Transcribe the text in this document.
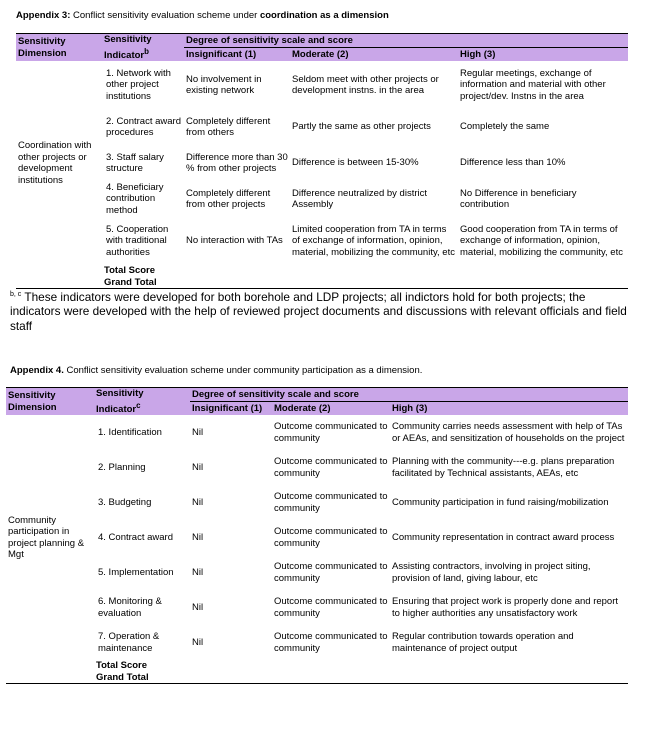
Appendix 3: Conflict sensitivity evaluation scheme under coordination as a dimension
Sensitivity Dimension	Sensitivity Indicator$^b$	Degree of sensitivity scale and score		
		Insignificant (1)	Moderate (2)	High (3)
Coordination with other projects or development institutions	1. Network with other project institutions	No involvement in existing network	Seldom meet with other projects or development instns. in the area	Regular meetings, exchange of information and material with other project/dev. Instns in the area
	2. Contract award procedures	Completely different from others	Partly the same as other projects	Completely the same
	3. Staff salary structure	Difference more than 30 % from other projects	Difference is between 15-30%	Difference less than 10%
	4. Beneficiary contribution method	Completely different from other projects	Difference neutralized by district Assembly	No Difference in beneficiary contribution
	5. Cooperation with traditional authorities	No interaction with TAs	Limited cooperation from TA in terms of exchange of information, opinion, material, mobilizing the community, etc	Good cooperation from TA in terms of exchange of information, opinion, material, mobilizing the community, etc
	Total Score			
	Grand Total			
$^{b, c}$ These indicators were developed for both borehole and LDP projects; all indictors hold for both projects; the indicators were developed with the help of reviewed project documents and discussions with relevant officials and field staff
Appendix 4. Conflict sensitivity evaluation scheme under community participation as a dimension.
Sensitivity Dimension	Sensitivity Indicator$^c$	Degree of sensitivity scale and score		
		Insignificant (1)	Moderate (2)	High (3)
Community participation in project planning & Mgt	1. Identification	Nil	Outcome communicated to community	Community carries needs assessment with help of TAs or AEAs, and sensitization of households on the project
	2. Planning	Nil	Outcome communicated to community	Planning with the community---e.g. plans preparation facilitated by Technical assistants, AEAs, etc
	3. Budgeting	Nil	Outcome communicated to community	Community participation in fund raising/mobilization
	4. Contract award	Nil	Outcome communicated to community	Community representation in contract award process
	5. Implementation	Nil	Outcome communicated to community	Assisting contractors, involving in project siting, provision of land, giving labour, etc
	6. Monitoring & evaluation	Nil	Outcome communicated to community	Ensuring that project work is properly done and report to higher authorities any unsatisfactory work
	7. Operation & maintenance	Nil	Outcome communicated to community	Regular contribution towards operation and maintenance of project output
	Total Score			
	Grand Total			
